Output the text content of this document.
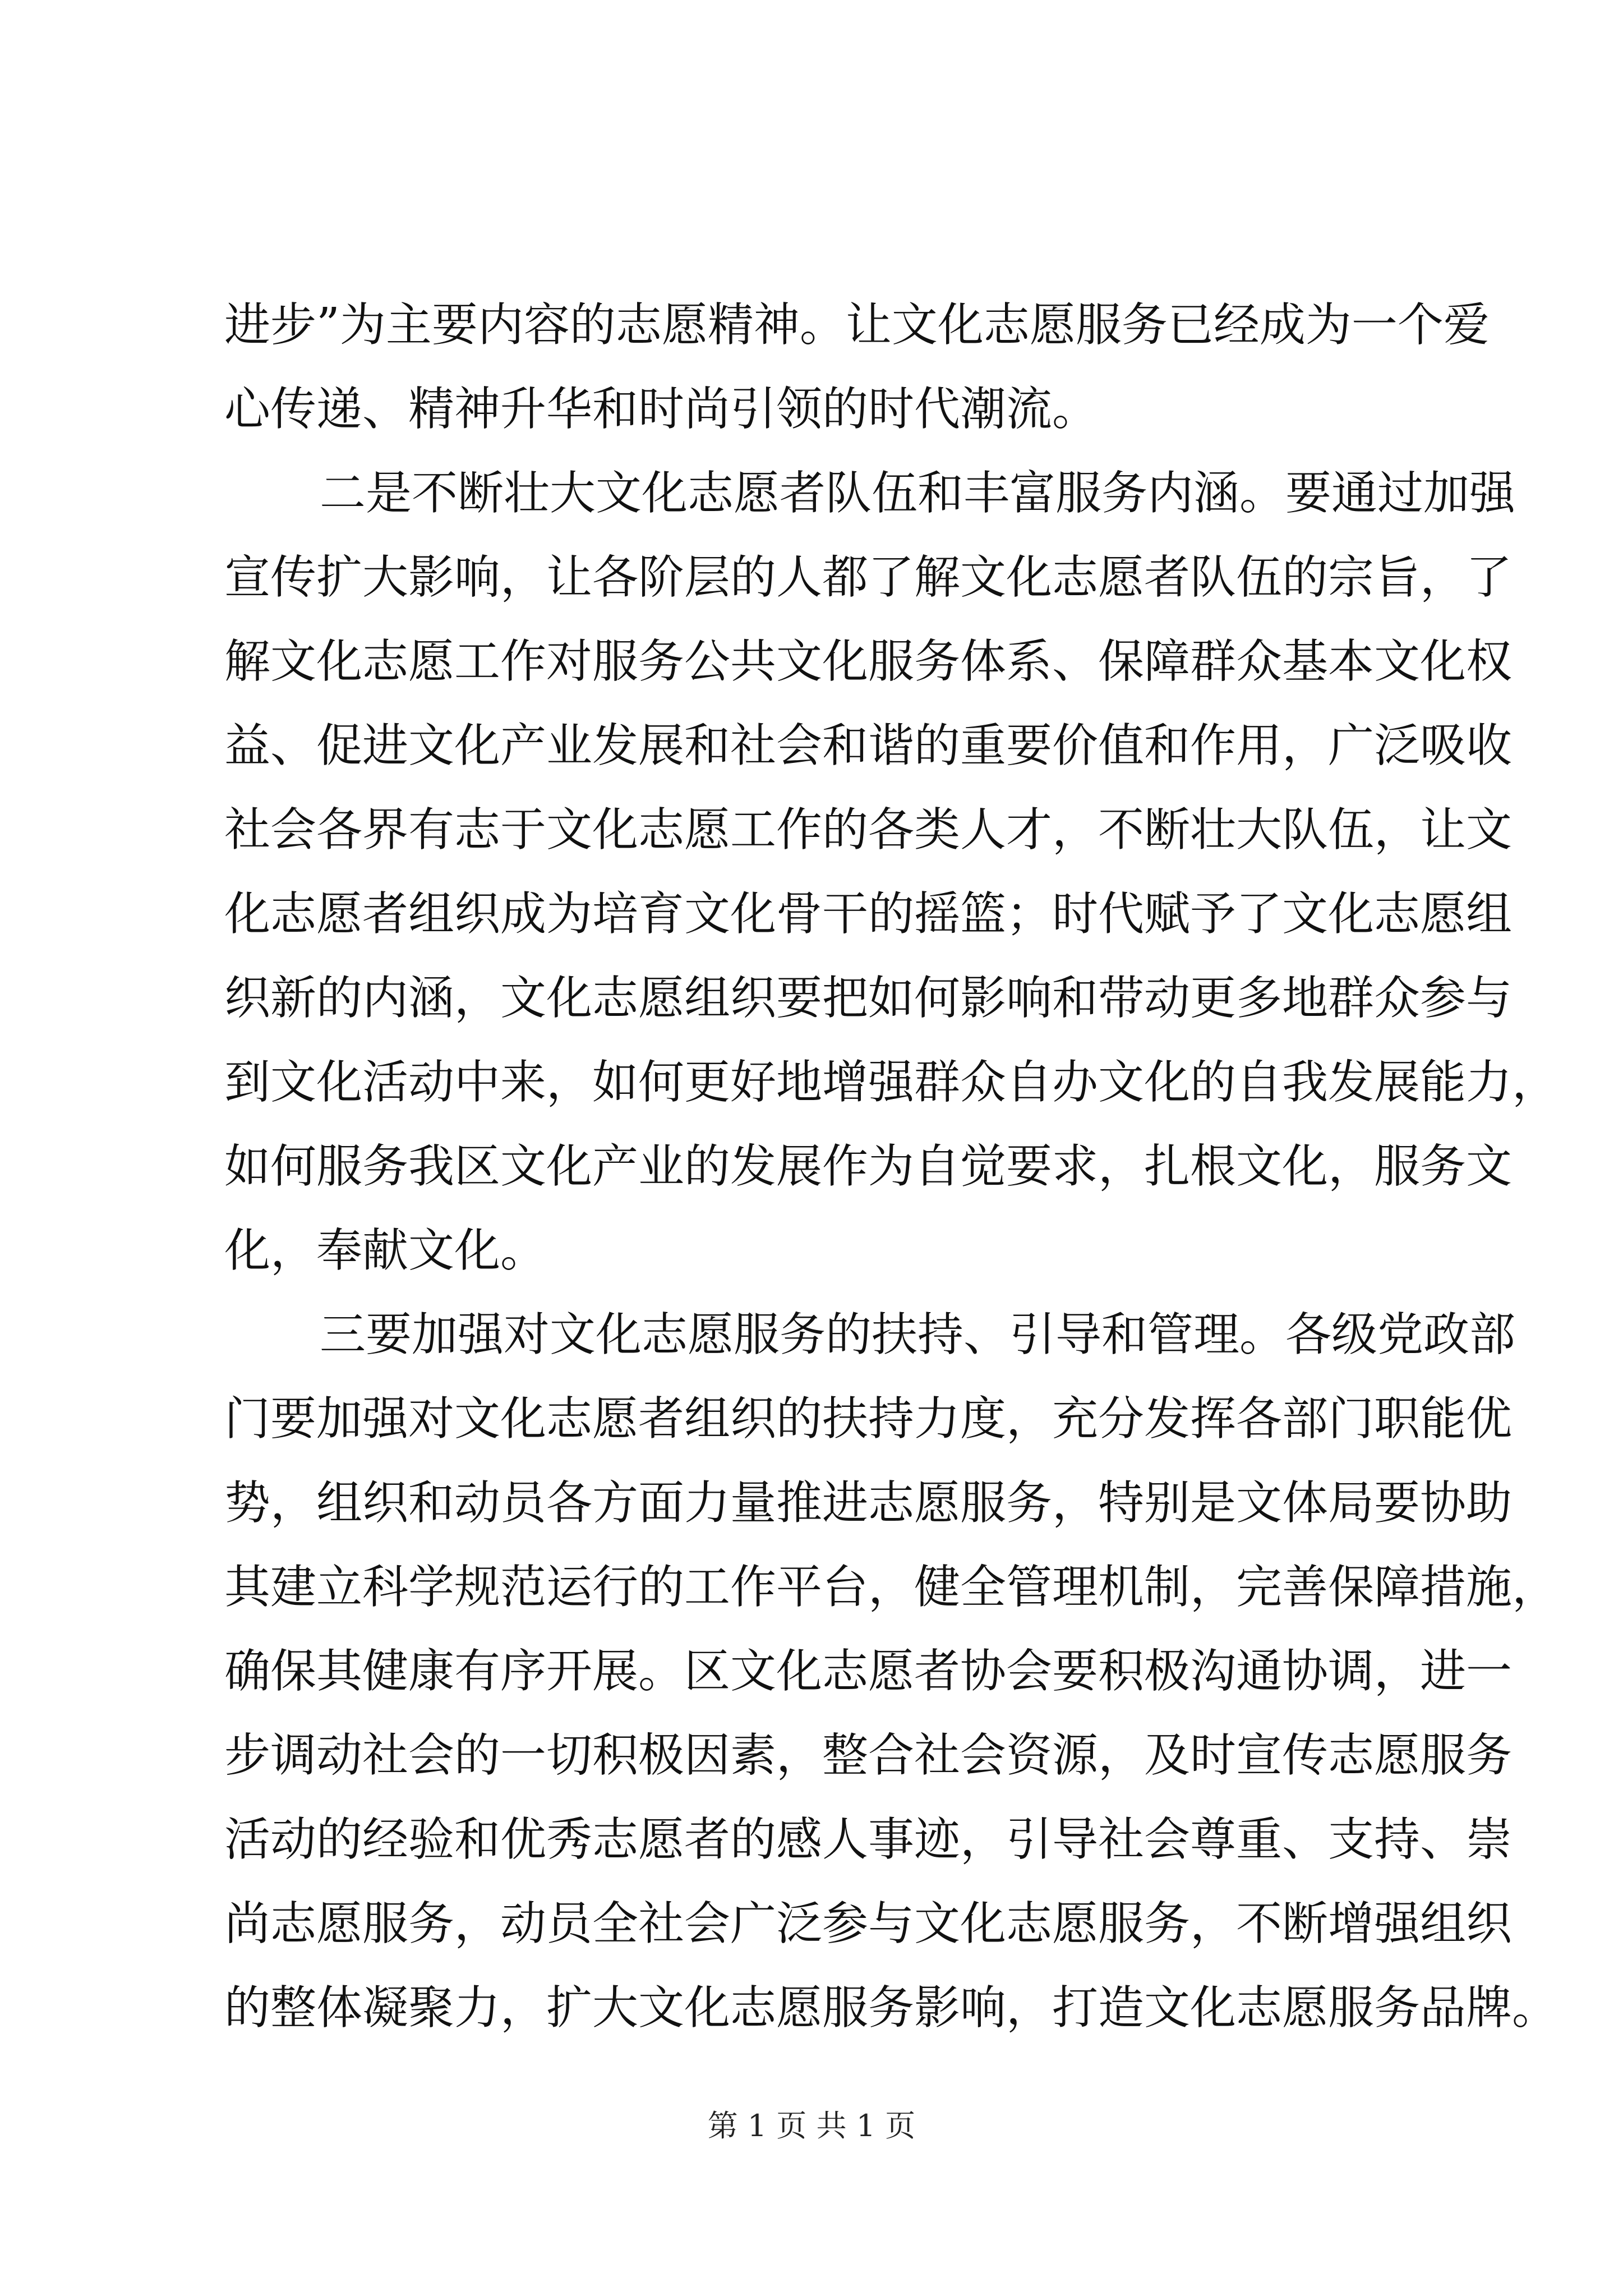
进步”为主要内容的志愿精神。让文化志愿服务已经成为一个爱
心传递、精神升华和时尚引领的时代潮流。
二是不断壮大文化志愿者队伍和丰富服务内涵。要通过加强
宣传扩大影响，让各阶层的人都了解文化志愿者队伍的宗旨，了
解文化志愿工作对服务公共文化服务体系、保障群众基本文化权
益、促进文化产业发展和社会和谐的重要价值和作用，广泛吸收
社会各界有志于文化志愿工作的各类人才，不断壮大队伍，让文
化志愿者组织成为培育文化骨干的摇篮；时代赋予了文化志愿组
织新的内涵，文化志愿组织要把如何影响和带动更多地群众参与
到文化活动中来，如何更好地增强群众自办文化的自我发展能力，
如何服务我区文化产业的发展作为自觉要求，扎根文化，服务文
化，奉献文化。
三要加强对文化志愿服务的扶持、引导和管理。各级党政部
门要加强对文化志愿者组织的扶持力度，充分发挥各部门职能优
势，组织和动员各方面力量推进志愿服务，特别是文体局要协助
其建立科学规范运行的工作平台，健全管理机制，完善保障措施，
确保其健康有序开展。区文化志愿者协会要积极沟通协调，进一
步调动社会的一切积极因素，整合社会资源，及时宣传志愿服务
活动的经验和优秀志愿者的感人事迹，引导社会尊重、支持、崇
尚志愿服务，动员全社会广泛参与文化志愿服务，不断增强组织
的整体凝聚力，扩大文化志愿服务影响，打造文化志愿服务品牌。
第 1 页 共 1 页
